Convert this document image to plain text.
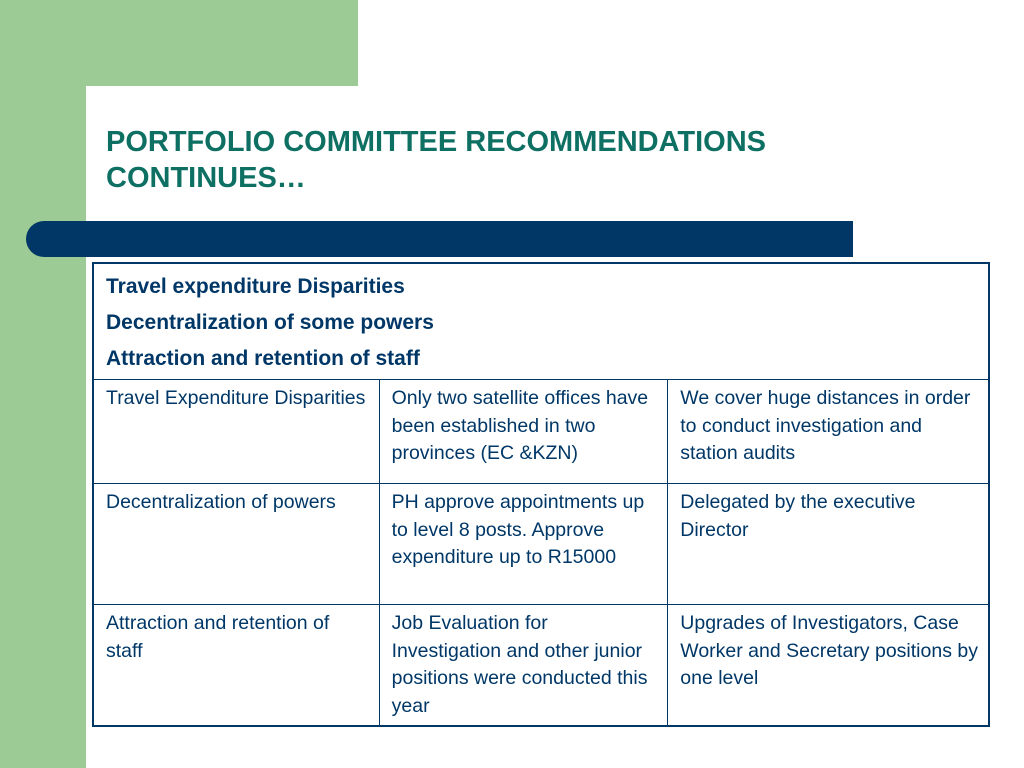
PORTFOLIO COMMITTEE RECOMMENDATIONS
CONTINUES…
Travel expenditure Disparities
Decentralization of some powers
Attraction and retention of staff		

Travel Expenditure Disparities	Only two satellite offices have been established in two provinces (EC &KZN)	We cover huge distances in order to conduct investigation and station audits
Decentralization of powers	PH approve appointments up to level 8 posts. Approve expenditure up to R15000	Delegated by the executive Director
Attraction and retention of staff	Job Evaluation for Investigation and other junior positions were conducted this year	Upgrades of Investigators, Case Worker and Secretary positions by one level
